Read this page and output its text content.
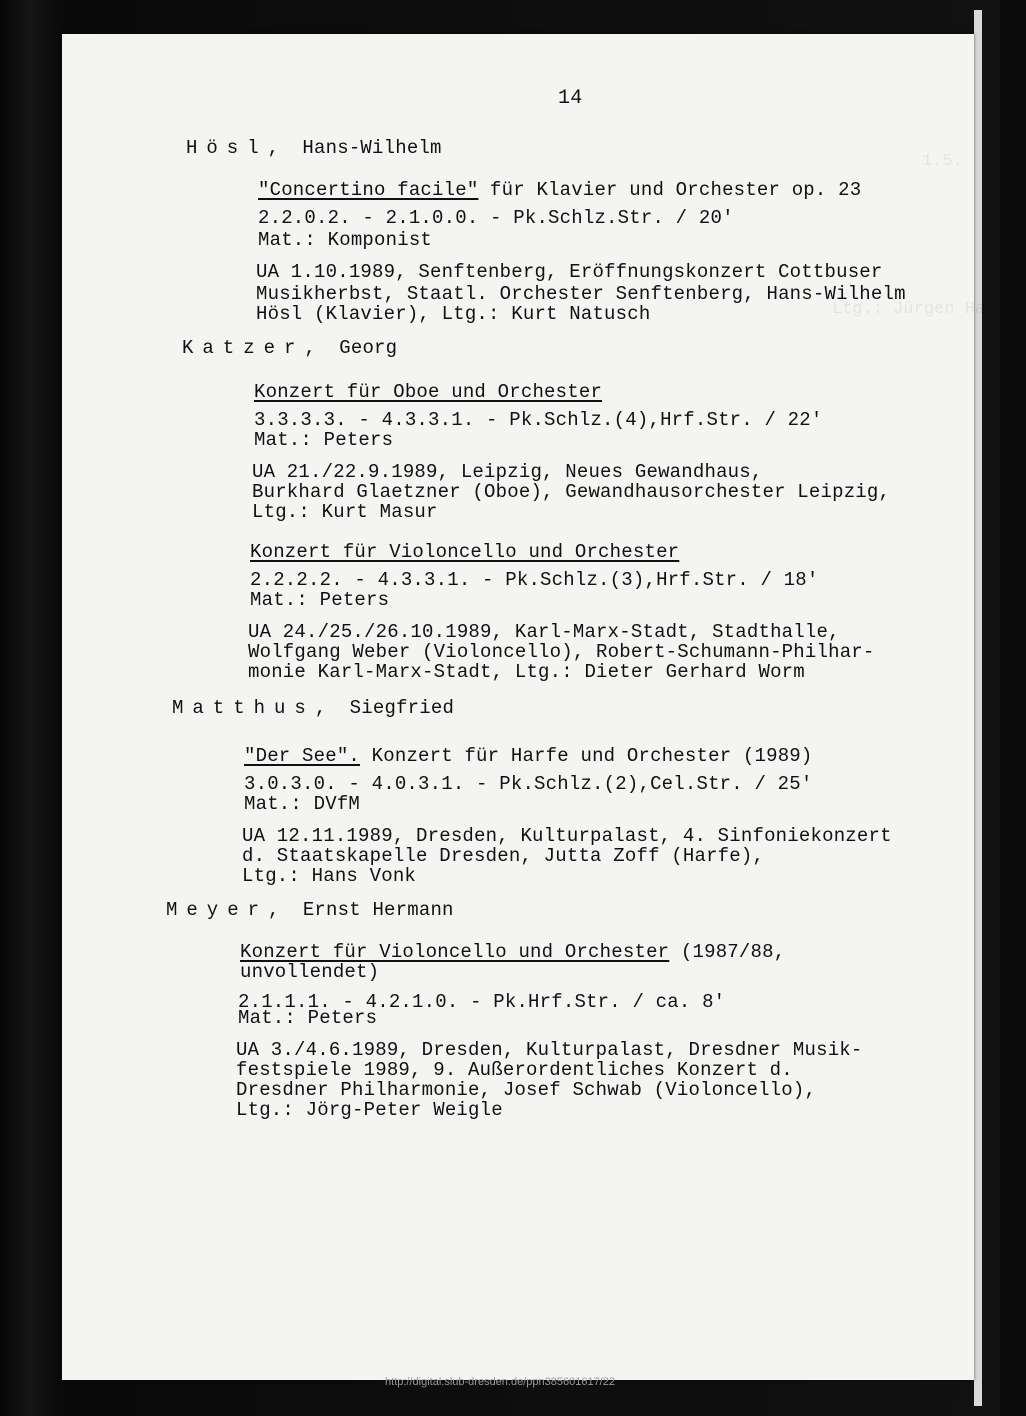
1.5.
Ltg.: Jürgen Hansen
14
Hösl,  Hans-Wilhelm
"Concertino facile" für Klavier und Orchester op. 23
2.2.0.2. - 2.1.0.0. - Pk.Schlz.Str. / 20'
Mat.: Komponist
UA 1.10.1989, Senftenberg, Eröffnungskonzert Cottbuser
Musikherbst, Staatl. Orchester Senftenberg, Hans-Wilhelm
Hösl (Klavier), Ltg.: Kurt Natusch
Katzer,  Georg
Konzert für Oboe und Orchester
3.3.3.3. - 4.3.3.1. - Pk.Schlz.(4),Hrf.Str. / 22'
Mat.: Peters
UA 21./22.9.1989, Leipzig, Neues Gewandhaus,
Burkhard Glaetzner (Oboe), Gewandhausorchester Leipzig,
Ltg.: Kurt Masur
Konzert für Violoncello und Orchester
2.2.2.2. - 4.3.3.1. - Pk.Schlz.(3),Hrf.Str. / 18'
Mat.: Peters
UA 24./25./26.10.1989, Karl-Marx-Stadt, Stadthalle,
Wolfgang Weber (Violoncello), Robert-Schumann-Philhar-
monie Karl-Marx-Stadt, Ltg.: Dieter Gerhard Worm
Matthus,  Siegfried
"Der See". Konzert für Harfe und Orchester (1989)
3.0.3.0. - 4.0.3.1. - Pk.Schlz.(2),Cel.Str. / 25'
Mat.: DVfM
UA 12.11.1989, Dresden, Kulturpalast, 4. Sinfoniekonzert
d. Staatskapelle Dresden, Jutta Zoff (Harfe),
Ltg.: Hans Vonk
Meyer,  Ernst Hermann
Konzert für Violoncello und Orchester (1987/88,
unvollendet)
2.1.1.1. - 4.2.1.0. - Pk.Hrf.Str. / ca. 8'
Mat.: Peters
UA 3./4.6.1989, Dresden, Kulturpalast, Dresdner Musik-
festspiele 1989, 9. Außerordentliches Konzert d.
Dresdner Philharmonie, Josef Schwab (Violoncello),
Ltg.: Jörg-Peter Weigle
http://digital.slub-dresden.de/ppn385601617/22
